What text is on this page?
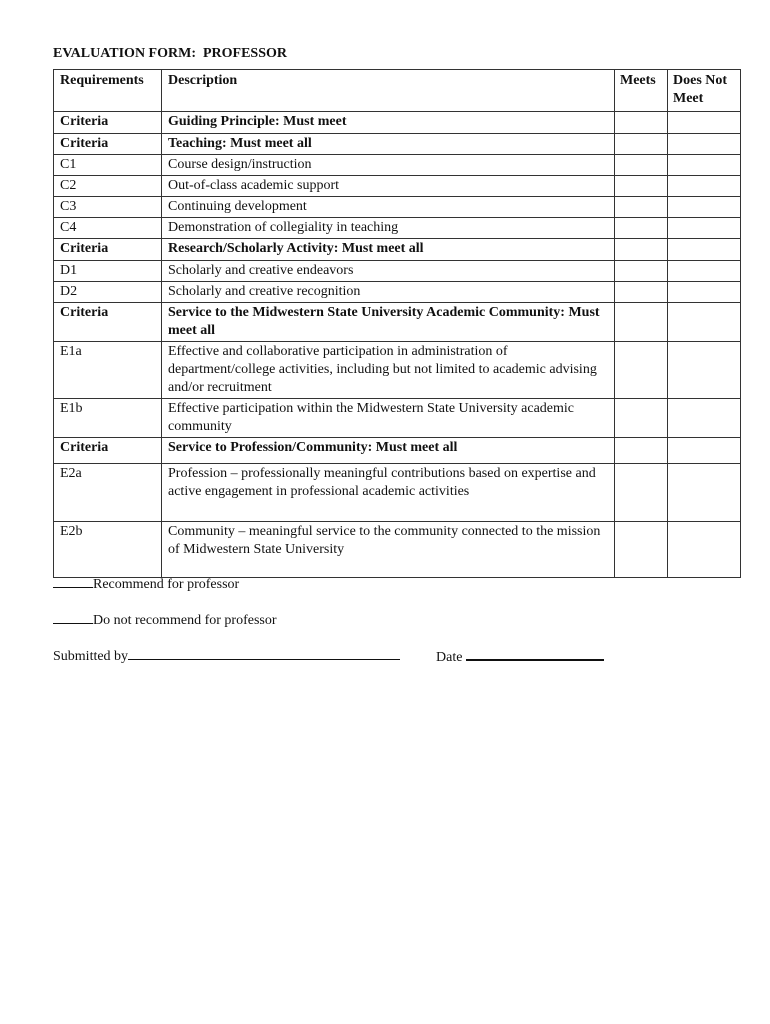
EVALUATION FORM:  PROFESSOR
Requirements	Description	Meets	Does Not Meet
Criteria	Guiding Principle: Must meet		
Criteria	Teaching: Must meet all		
C1	Course design/instruction		
C2	Out-of-class academic support		
C3	Continuing development		
C4	Demonstration of collegiality in teaching		
Criteria	Research/Scholarly Activity: Must meet all		
D1	Scholarly and creative endeavors		
D2	Scholarly and creative recognition		
Criteria	Service to the Midwestern State University Academic Community: Must meet all		
E1a	Effective and collaborative participation in administration of department/college activities, including but not limited to academic advising and/or recruitment		
E1b	Effective participation within the Midwestern State University academic community		
Criteria	Service to Profession/Community: Must meet all		
E2a	Profession – professionally meaningful contributions based on expertise and active engagement in professional academic activities		
E2b	Community – meaningful service to the community connected to the mission of Midwestern State University		
Recommend for professor
Do not recommend for professor
Submitted by	Date
